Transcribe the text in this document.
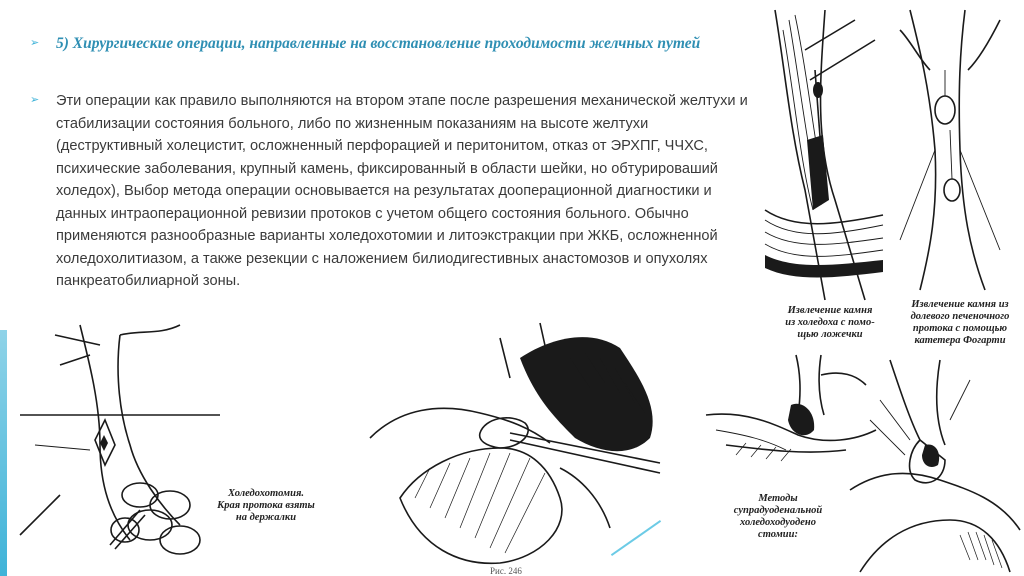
➢	5) Хирургические операции, направленные на восстановление проходимости желчных путей
➢	Эти операции как правило выполняются на втором этапе после разрешения механической желтухи и стабилизации состояния больного, либо по жизненным показаниям на высоте желтухи (деструктивный холецистит, осложненный перфорацией и перитонитом, отказ от ЭРХПГ, ЧЧХС, психические заболевания, крупный камень, фиксированный в области шейки, но обтурироваший холедох), Выбор метода операции основывается на результатах дооперационной диагностики и данных интраоперационной ревизии протоков с учетом общего состояния больного. Обычно применяются разнообразные варианты холедохотомии и литоэкстракции при ЖКБ, осложненной холедохолитиазом, а также резекции с наложением билиодигестивных анастомозов и опухолях панкреатобилиарной зоны.
Извлечение камня
из холедоха с помо-
щью ложечки
Извлечение камня из
долевого печеночного
протока с помощью
катетера Фогарти
Холедохотомия.
Края протока взяты
на держалки
Методы
супрадуоденальной
холедоходуодено
стомии:
Рис. 246
